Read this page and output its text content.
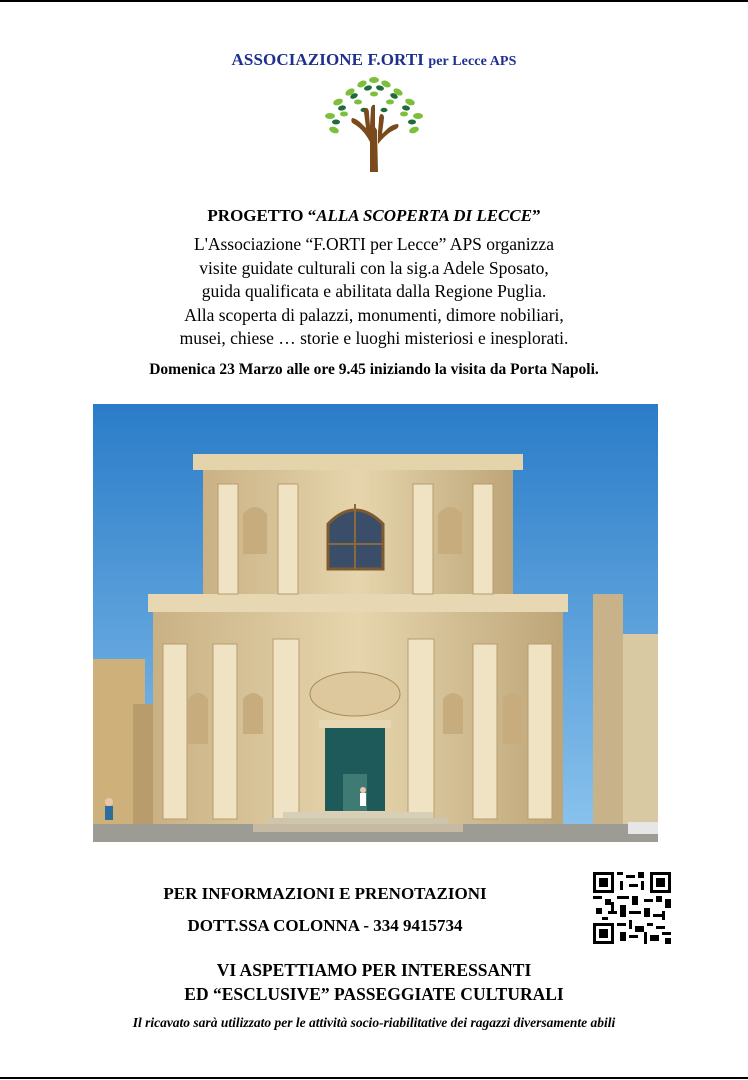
ASSOCIAZIONE F.ORTI per Lecce APS
PROGETTO “ALLA SCOPERTA DI LECCE”
L'Associazione “F.ORTI per Lecce” APS organizza
visite guidate culturali con la sig.a Adele Sposato,
guida qualificata e abilitata dalla Regione Puglia.
Alla scoperta di palazzi, monumenti, dimore nobiliari,
musei, chiese … storie e luoghi misteriosi e inesplorati.
Domenica 23 Marzo alle ore 9.45 iniziando la visita da Porta Napoli.
PER INFORMAZIONI E PRENOTAZIONI
DOTT.SSA COLONNA - 334 9415734
VI ASPETTIAMO PER INTERESSANTI
ED “ESCLUSIVE” PASSEGGIATE CULTURALI
Il ricavato sarà utilizzato per le attività socio-riabilitative dei ragazzi diversamente abili
